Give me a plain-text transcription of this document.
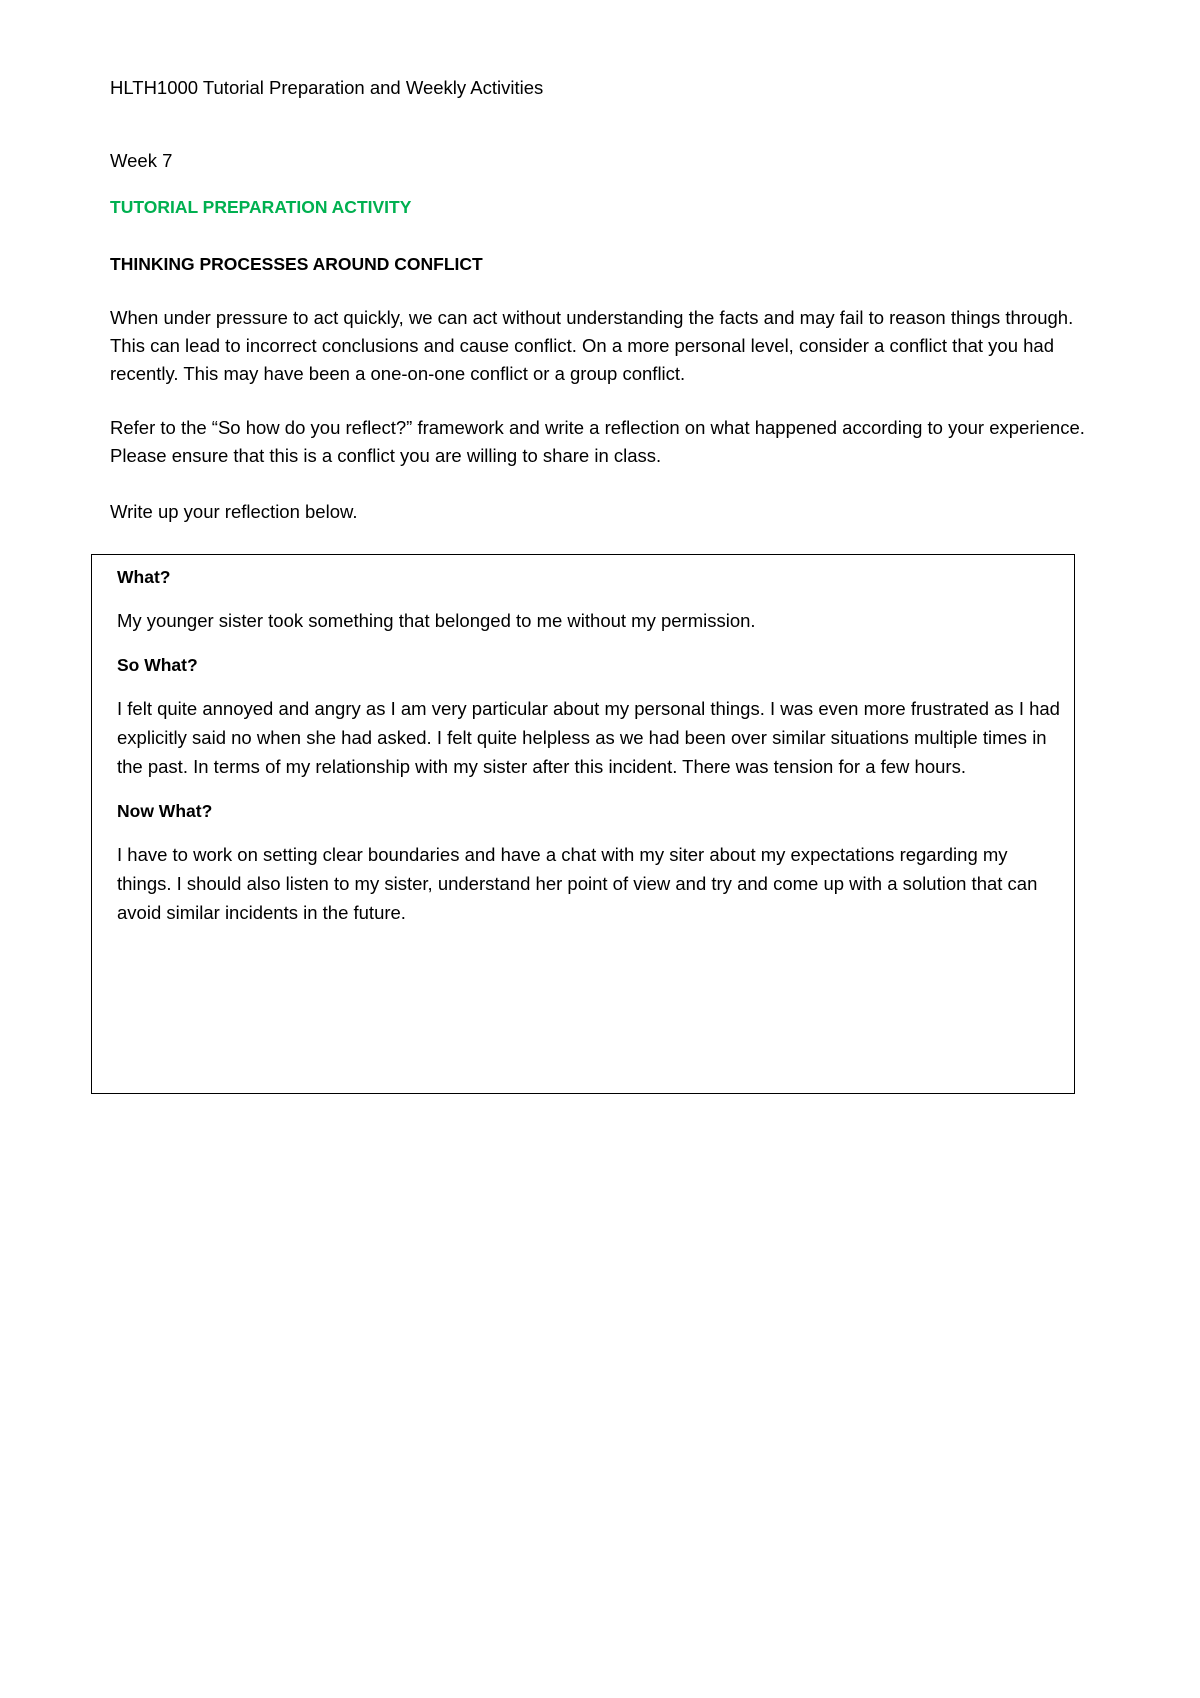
HLTH1000 Tutorial Preparation and Weekly Activities

Week 7

TUTORIAL PREPARATION ACTIVITY

THINKING PROCESSES AROUND CONFLICT

When under pressure to act quickly, we can act without understanding the facts and may fail to reason things through. This can lead to incorrect conclusions and cause conflict. On a more personal level, consider a conflict that you had recently. This may have been a one-on-one conflict or a group conflict.

Refer to the “So how do you reflect?” framework and write a reflection on what happened according to your experience. Please ensure that this is a conflict you are willing to share in class.

Write up your reflection below.

What?

My younger sister took something that belonged to me without my permission.

So What?

I felt quite annoyed and angry as I am very particular about my personal things. I was even more frustrated as I had explicitly said no when she had asked. I felt quite helpless as we had been over similar situations multiple times in the past. In terms of my relationship with my sister after this incident. There was tension for a few hours.

Now What?

I have to work on setting clear boundaries and have a chat with my siter about my expectations regarding my things. I should also listen to my sister, understand her point of view and try and come up with a solution that can avoid similar incidents in the future.
